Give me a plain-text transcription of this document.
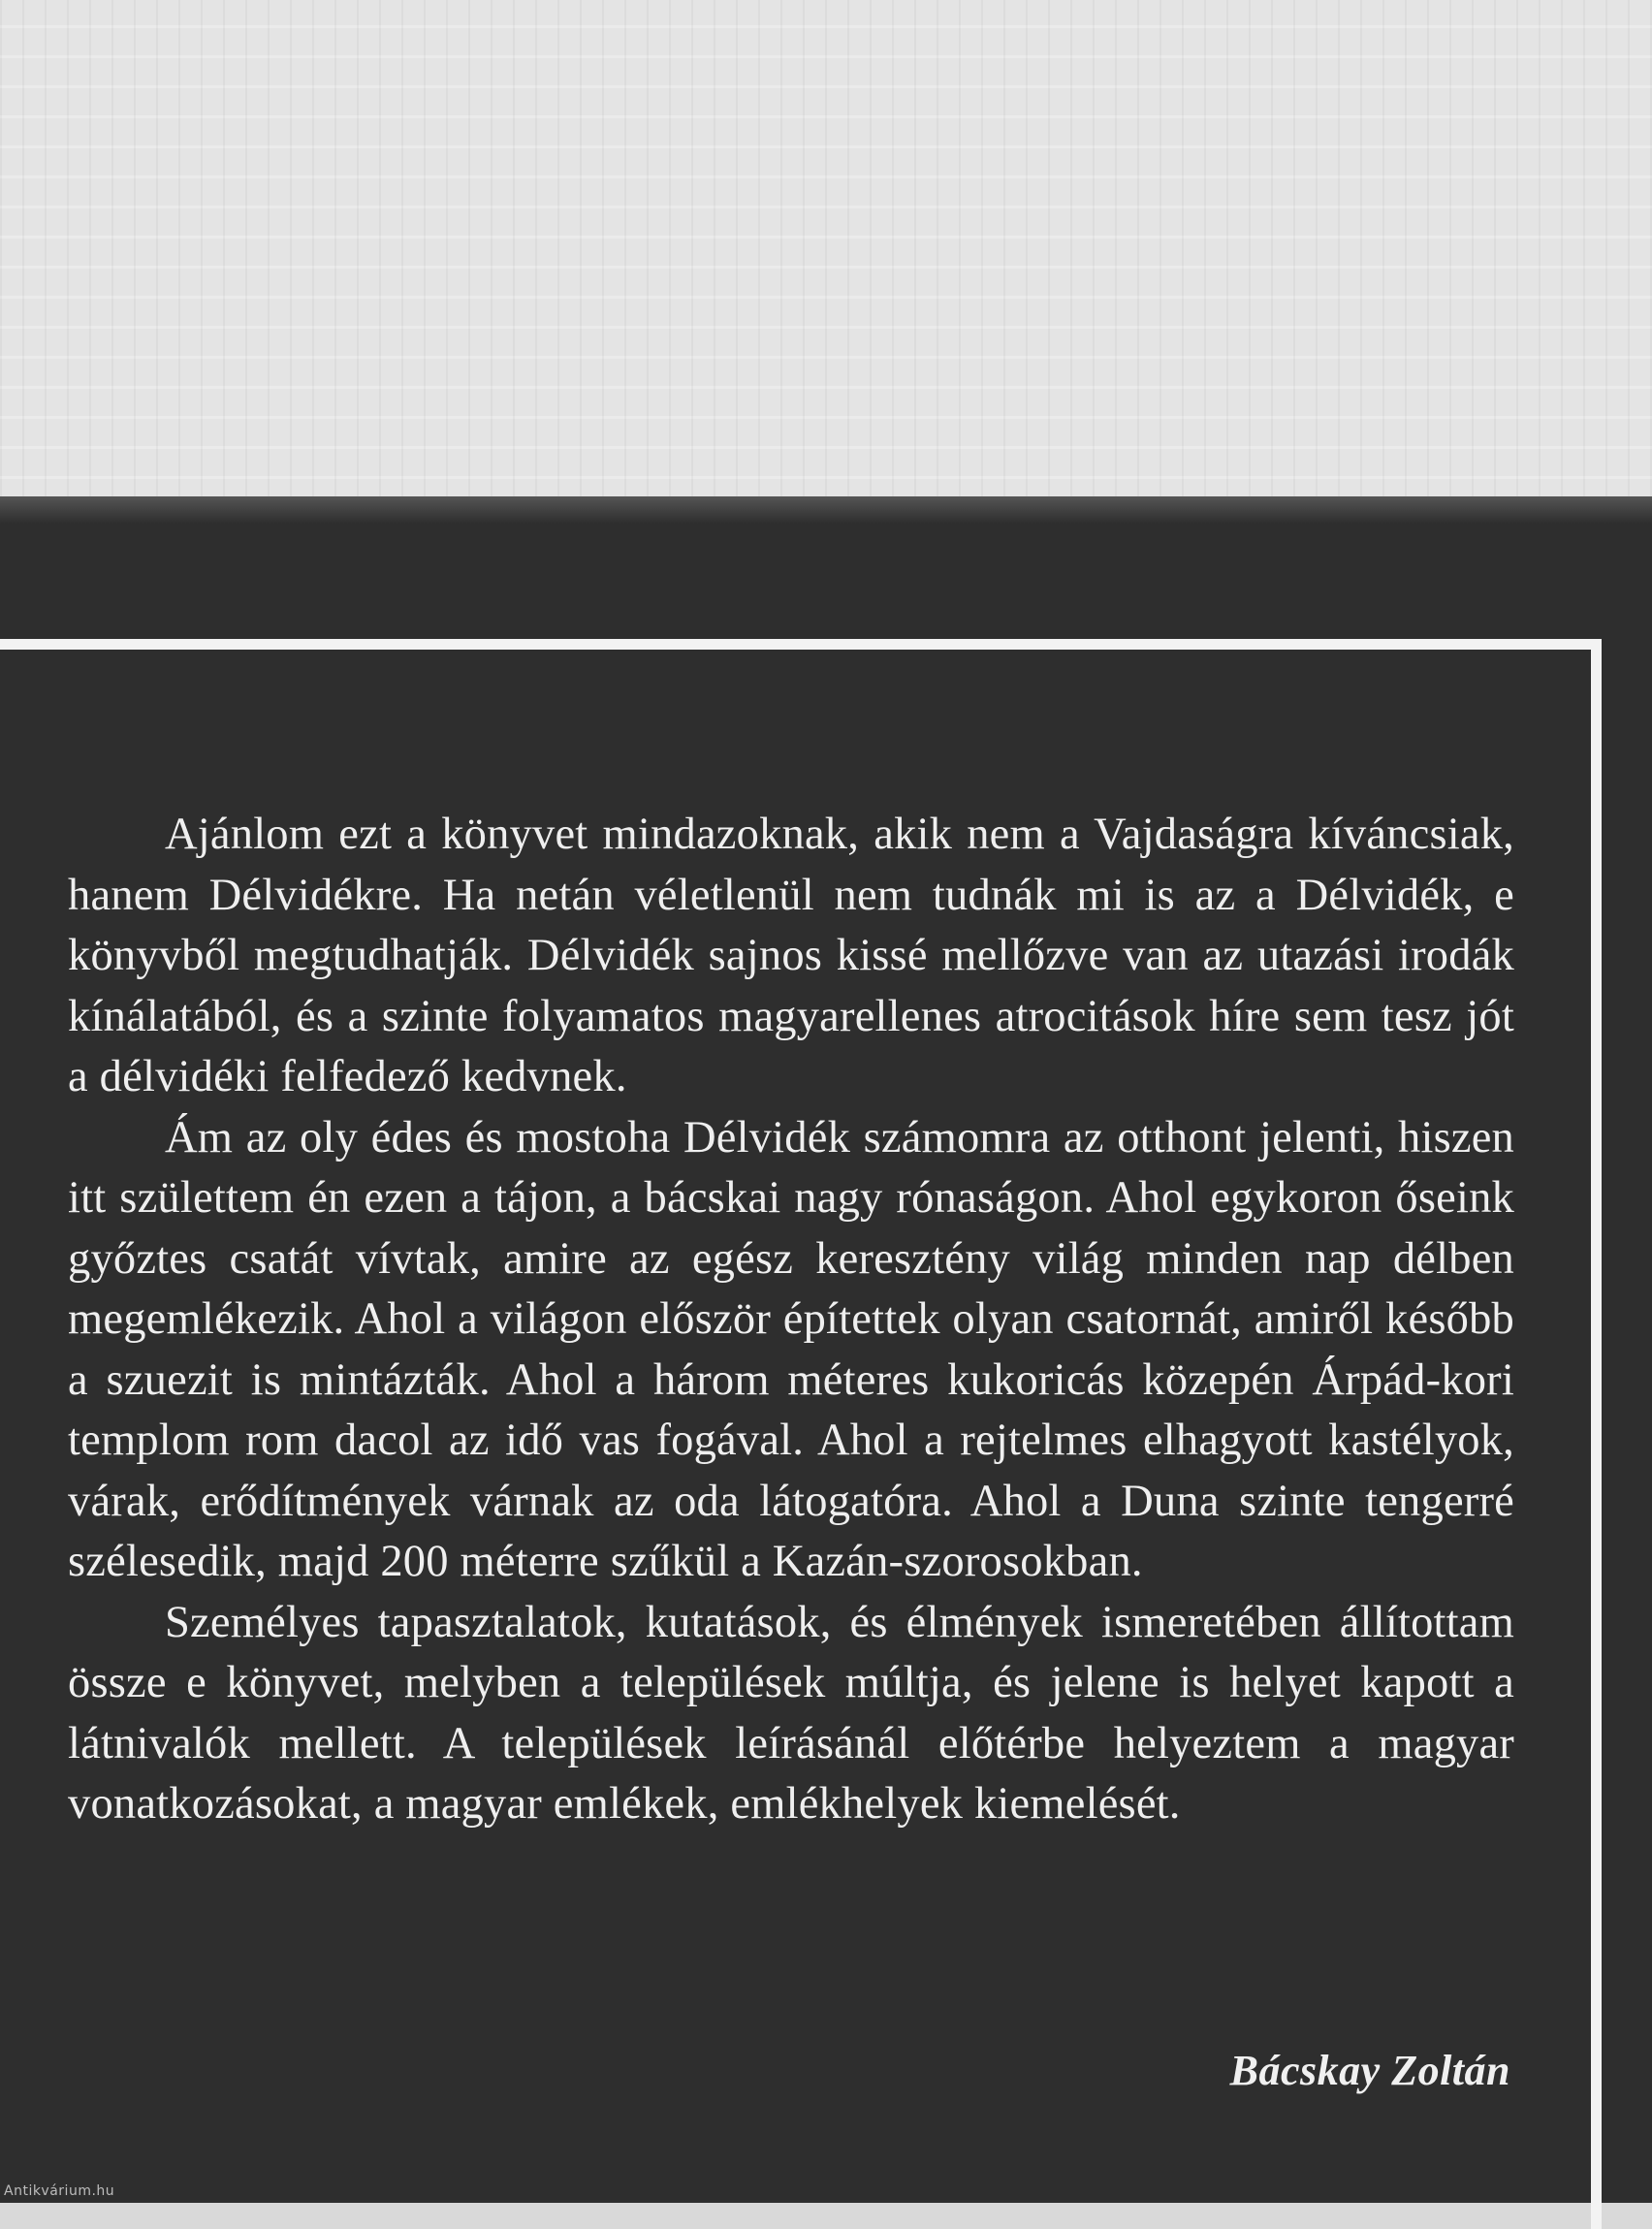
Ajánlom ezt a könyvet mindazoknak, akik nem a Vajdaságra kíváncsiak, hanem Délvidékre. Ha netán véletlenül nem tudnák mi is az a Délvidék, e könyvből megtudhatják. Délvidék sajnos kissé mellőzve van az utazási irodák kínálatából, és a szinte folyamatos magyarellenes atrocitások híre sem tesz jót a délvidéki felfedező kedvnek.

Ám az oly édes és mostoha Délvidék számomra az otthont jelenti, hiszen itt születtem én ezen a tájon, a bácskai nagy rónaságon. Ahol egykoron őseink győztes csatát vívtak, amire az egész keresztény világ minden nap délben megemlékezik. Ahol a világon először építettek olyan csatornát, amiről később a szuezit is mintázták. Ahol a három méteres kukoricás közepén Árpád-kori templom rom dacol az idő vas fogával. Ahol a rejtelmes elhagyott kastélyok, várak, erődítmények várnak az oda látogatóra. Ahol a Duna szinte tengerré szélesedik, majd 200 méterre szűkül a Kazán-szorosokban.

Személyes tapasztalatok, kutatások, és élmények ismeretében állítottam össze e könyvet, melyben a települések múltja, és jelene is helyet kapott a látnivalók mellett. A települések leírásánál előtérbe helyeztem a magyar vonatkozásokat, a magyar emlékek, emlékhelyek kiemelését.

Bácskay Zoltán
Antikvárium.hu
